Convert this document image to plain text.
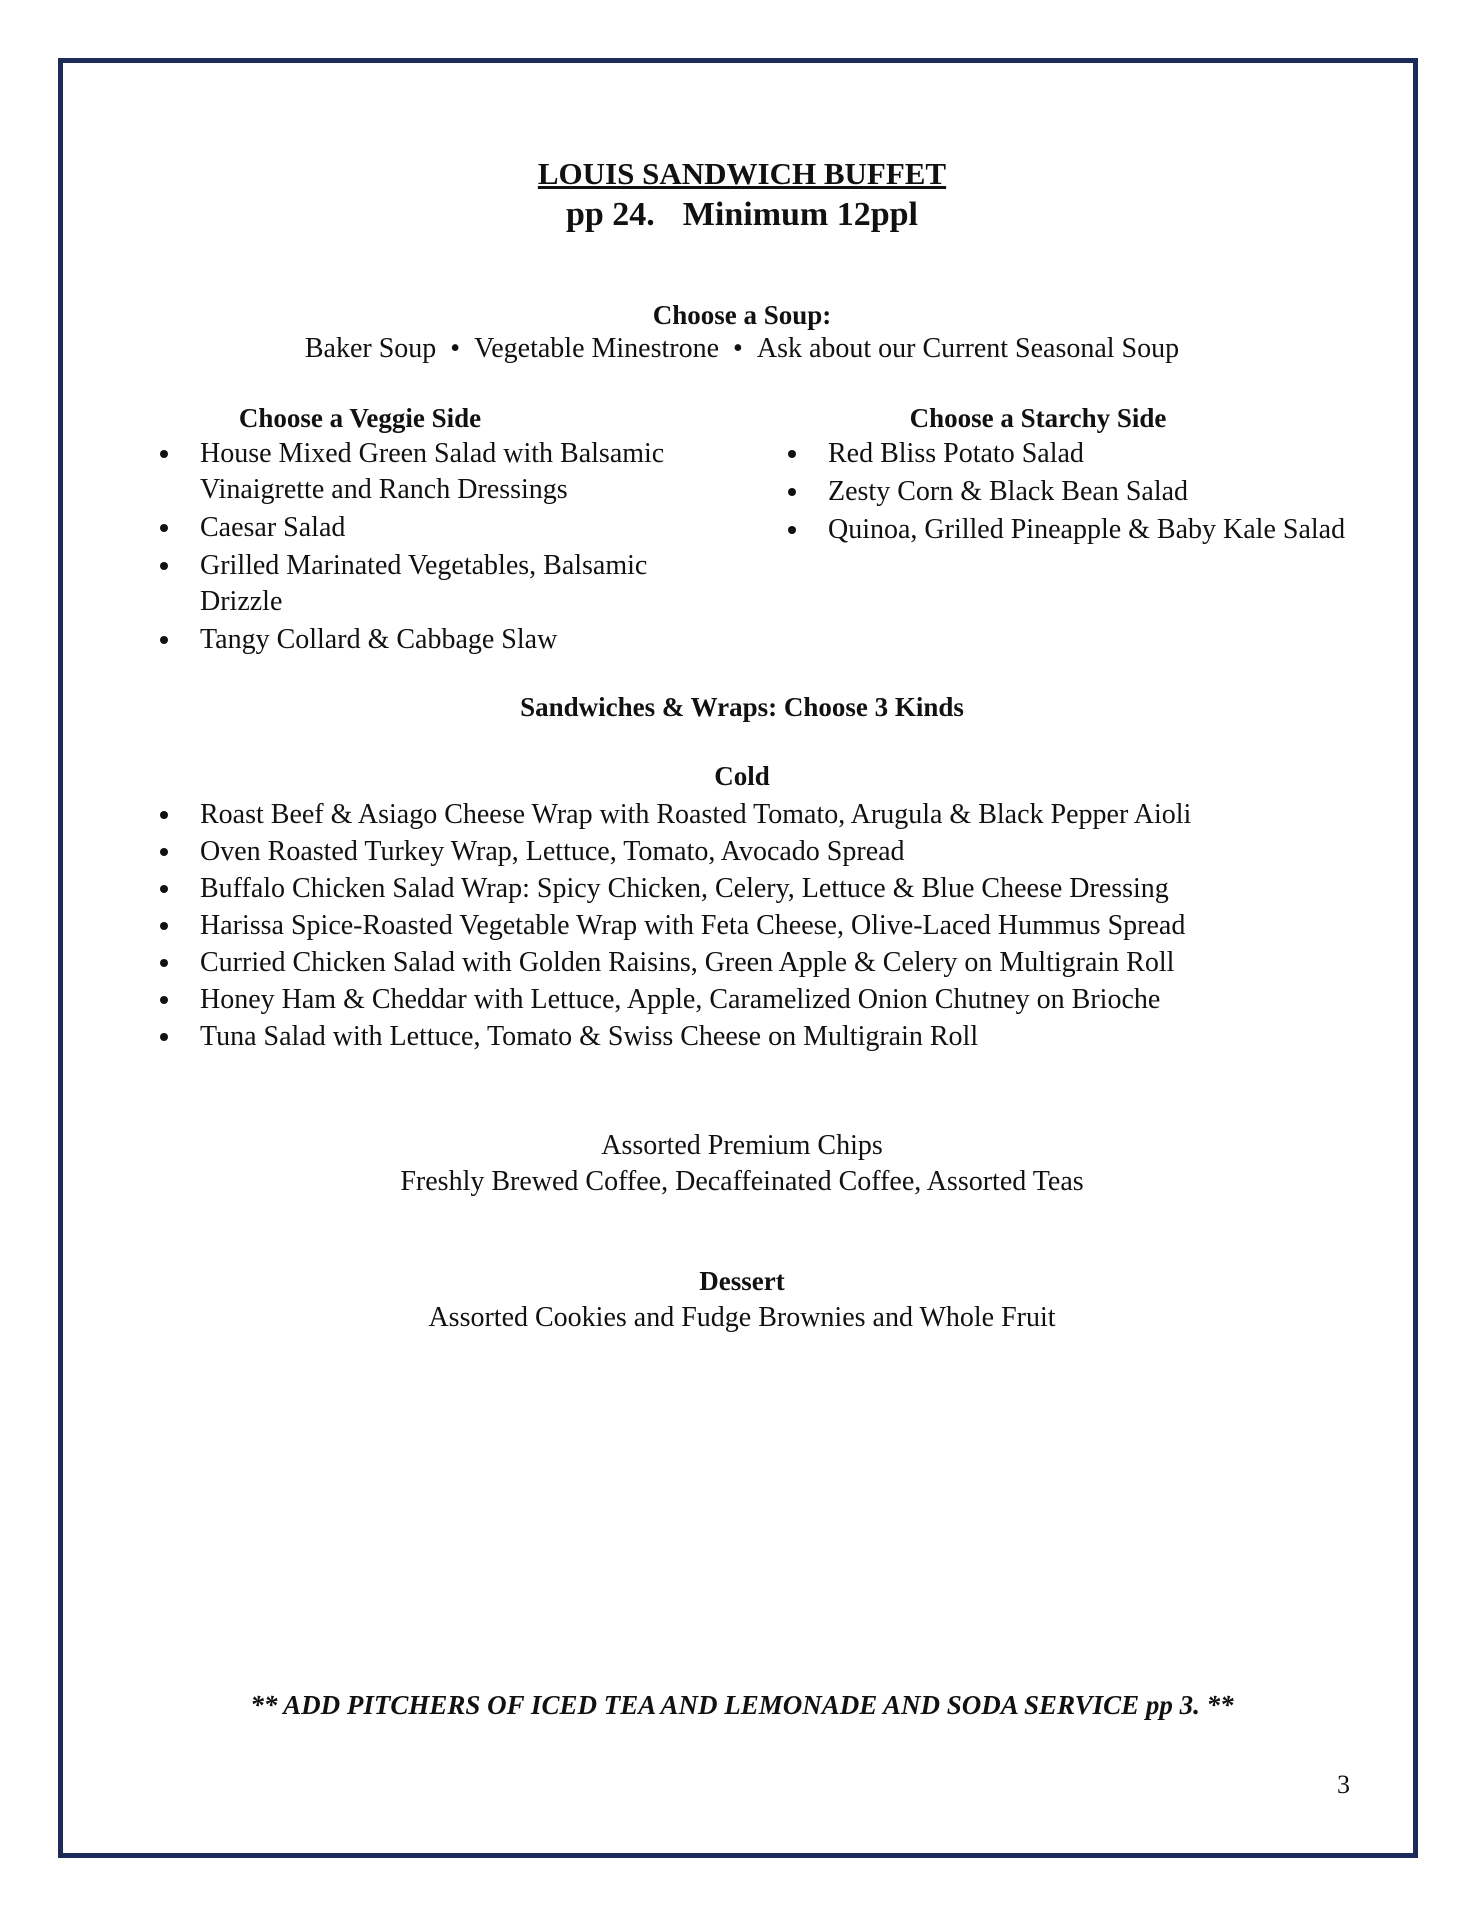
LOUIS SANDWICH BUFFET
pp 24. Minimum 12ppl
Choose a Soup:
Baker Soup • Vegetable Minestrone • Ask about our Current Seasonal Soup
Choose a Veggie Side
House Mixed Green Salad with Balsamic Vinaigrette and Ranch Dressings
Caesar Salad
Grilled Marinated Vegetables, Balsamic Drizzle
Tangy Collard & Cabbage Slaw
Choose a Starchy Side
Red Bliss Potato Salad
Zesty Corn & Black Bean Salad
Quinoa, Grilled Pineapple & Baby Kale Salad
Sandwiches & Wraps: Choose 3 Kinds
Cold
Roast Beef & Asiago Cheese Wrap with Roasted Tomato, Arugula & Black Pepper Aioli
Oven Roasted Turkey Wrap, Lettuce, Tomato, Avocado Spread
Buffalo Chicken Salad Wrap: Spicy Chicken, Celery, Lettuce & Blue Cheese Dressing
Harissa Spice-Roasted Vegetable Wrap with Feta Cheese, Olive-Laced Hummus Spread
Curried Chicken Salad with Golden Raisins, Green Apple & Celery on Multigrain Roll
Honey Ham & Cheddar with Lettuce, Apple, Caramelized Onion Chutney on Brioche
Tuna Salad with Lettuce, Tomato & Swiss Cheese on Multigrain Roll
Assorted Premium Chips
Freshly Brewed Coffee, Decaffeinated Coffee, Assorted Teas
Dessert
Assorted Cookies and Fudge Brownies and Whole Fruit
** ADD PITCHERS OF ICED TEA AND LEMONADE AND SODA SERVICE pp 3. **
3
